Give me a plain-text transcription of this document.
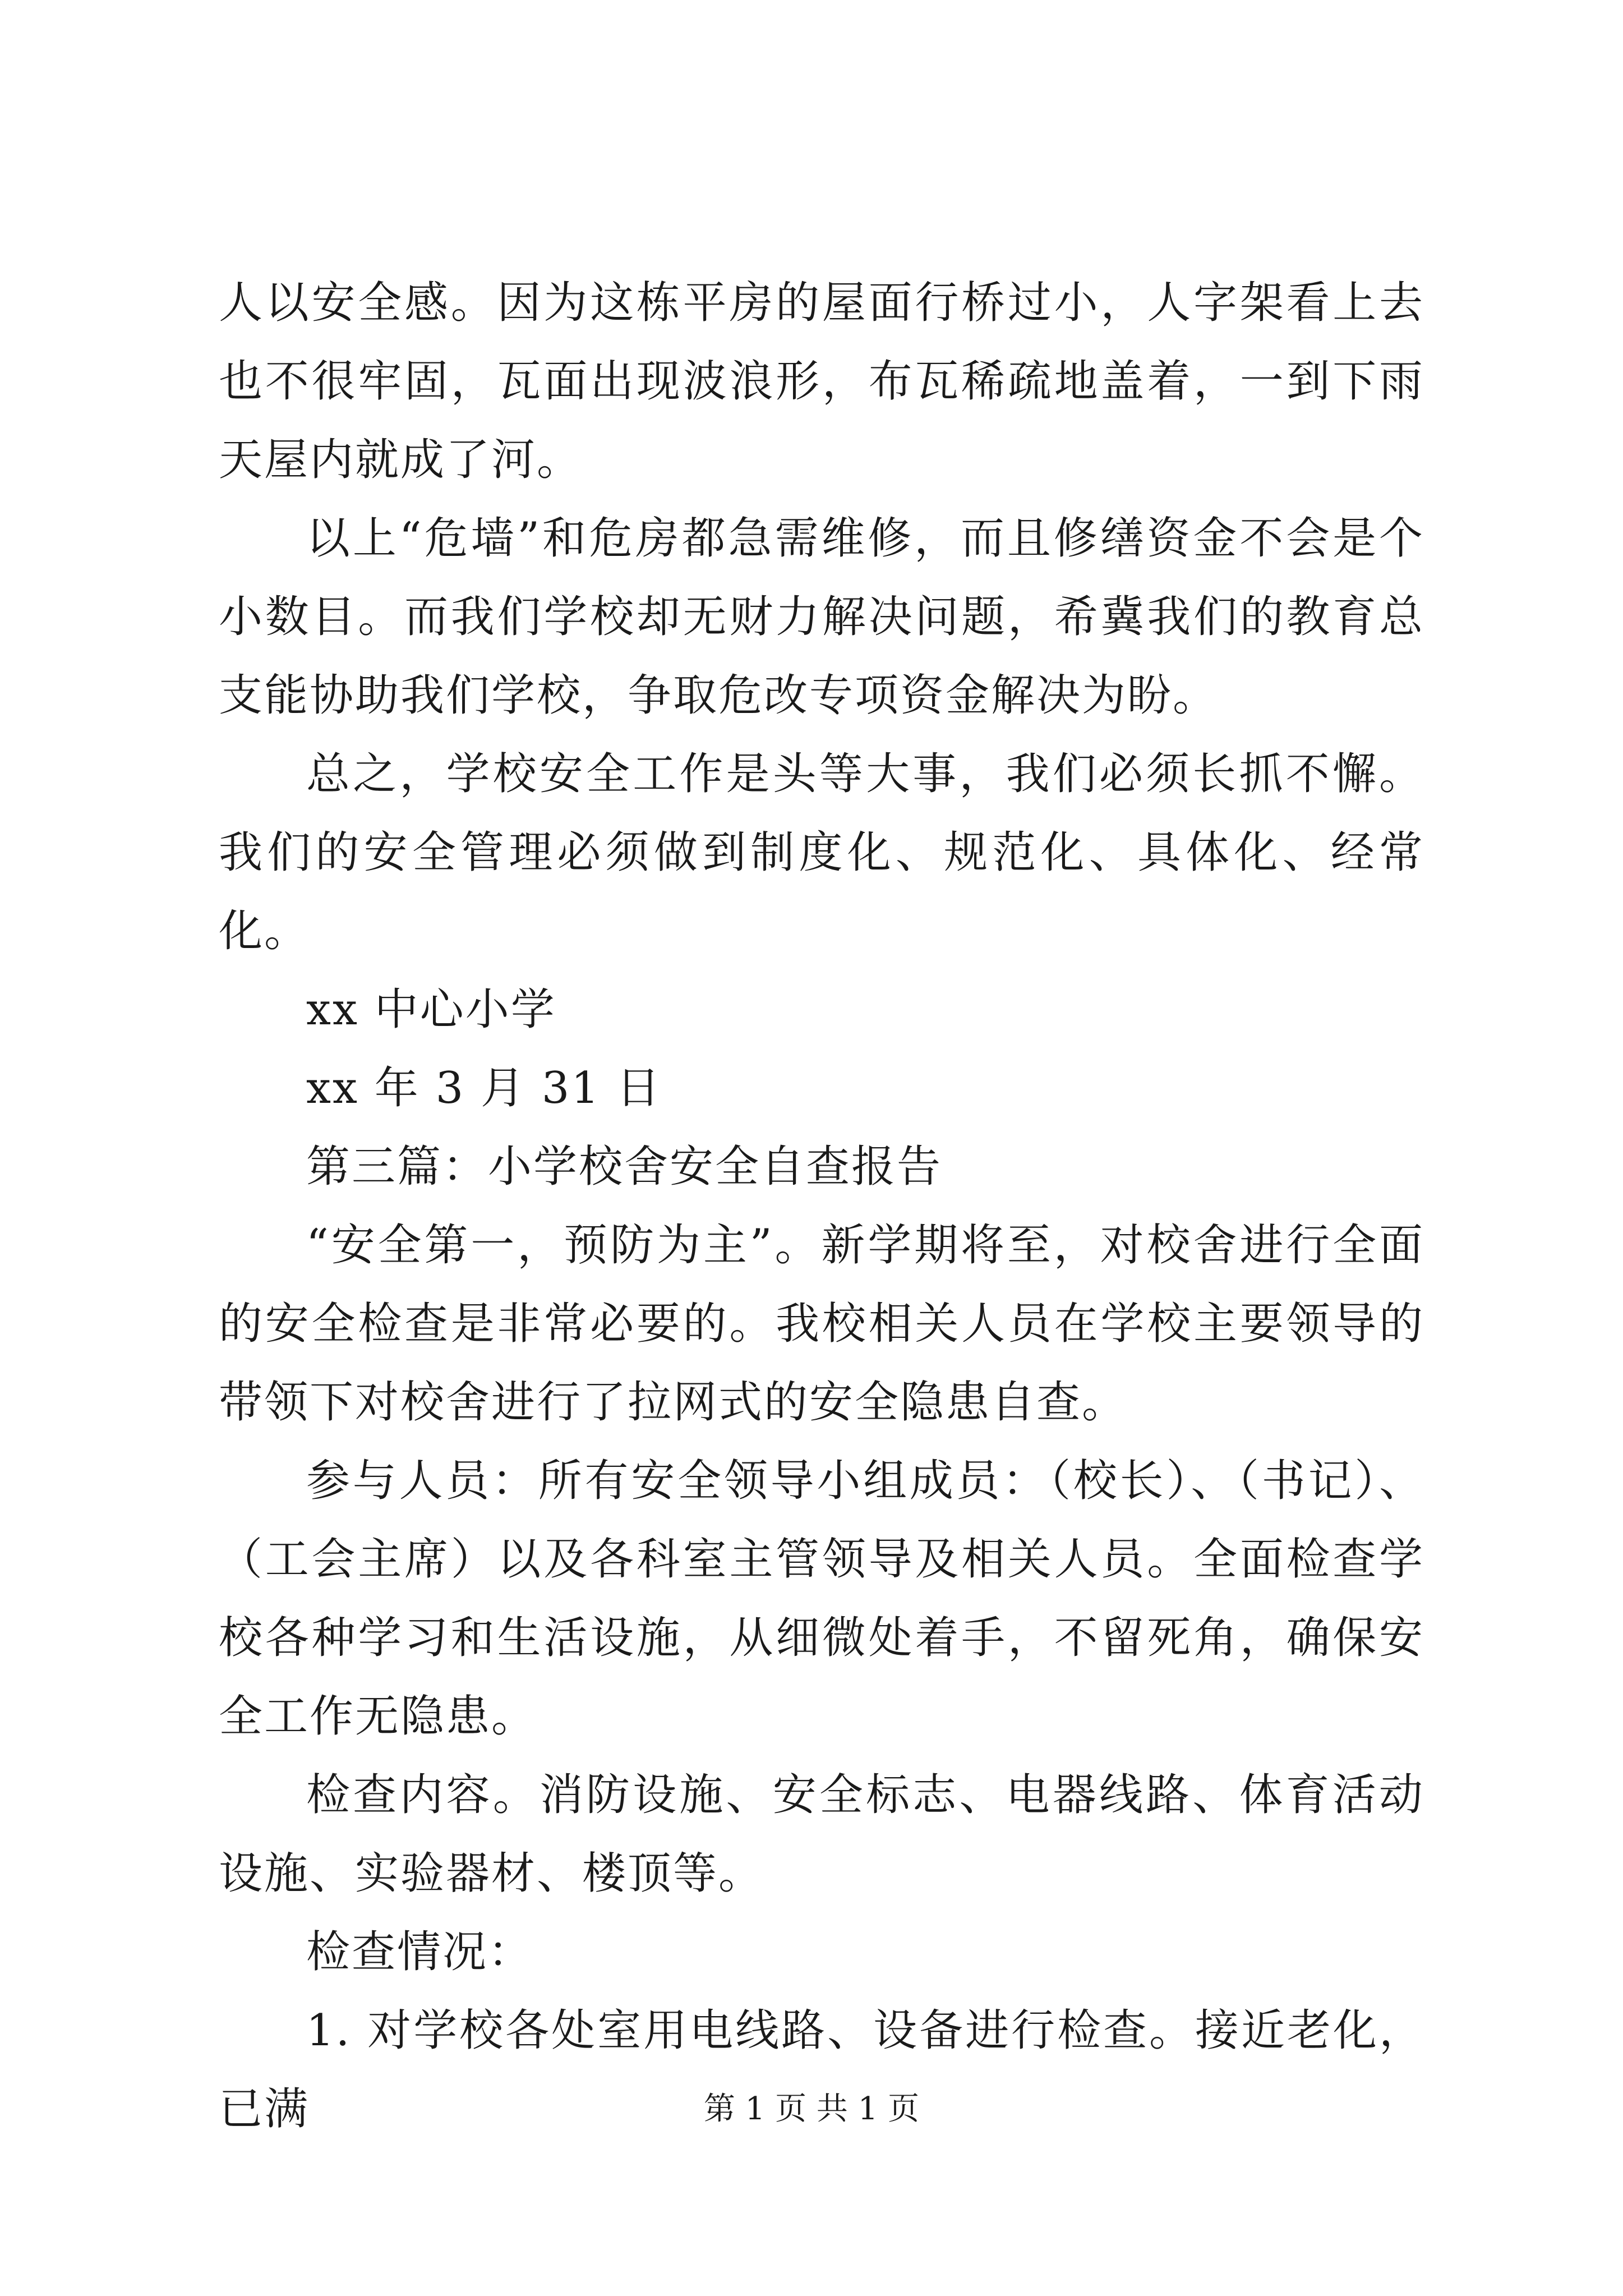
人以安全感。因为这栋平房的屋面行桥过小，人字架看上去也不很牢固，瓦面出现波浪形，布瓦稀疏地盖着，一到下雨天屋内就成了河。

以上“危墙”和危房都急需维修，而且修缮资金不会是个小数目。而我们学校却无财力解决问题，希冀我们的教育总支能协助我们学校，争取危改专项资金解决为盼。

总之，学校安全工作是头等大事，我们必须长抓不懈。我们的安全管理必须做到制度化、规范化、具体化、经常化。

xx 中心小学

xx 年 3 月 31 日

第三篇：小学校舍安全自查报告

“安全第一，预防为主”。新学期将至，对校舍进行全面的安全检查是非常必要的。我校相关人员在学校主要领导的带领下对校舍进行了拉网式的安全隐患自查。

参与人员：所有安全领导小组成员：（校长）、（书记）、（工会主席）以及各科室主管领导及相关人员。全面检查学校各种学习和生活设施，从细微处着手，不留死角，确保安全工作无隐患。

检查内容。消防设施、安全标志、电器线路、体育活动设施、实验器材、楼顶等。

检查情况：

1. 对学校各处室用电线路、设备进行检查。接近老化，已满	第 1 页 共 1 页
